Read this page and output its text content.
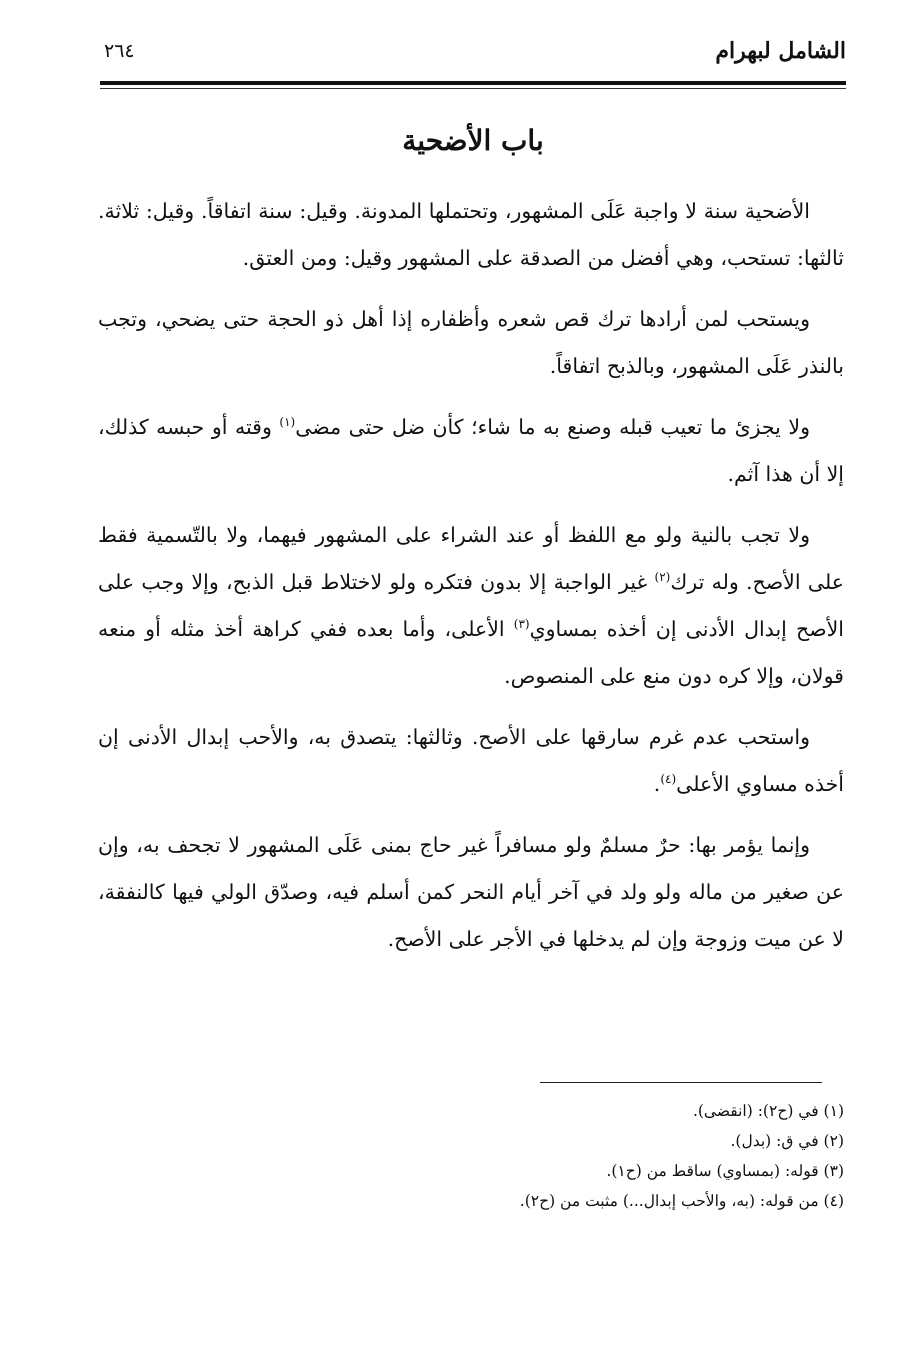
الشامل لبهرام
٢٦٤
باب الأضحية

الأضحية سنة لا واجبة عَلَى المشهور، وتحتملها المدونة. وقيل: سنة اتفاقاً. وقيل: ثلاثة. ثالثها: تستحب، وهي أفضل من الصدقة على المشهور وقيل: ومن العتق.

ويستحب لمن أرادها ترك قص شعره وأظفاره إذا أهل ذو الحجة حتى يضحي، وتجب بالنذر عَلَى المشهور، وبالذبح اتفاقاً.

ولا يجزئ ما تعيب قبله وصنع به ما شاء؛ كأن ضل حتى مضى$^{(١)}$ وقته أو حبسه كذلك، إلا أن هذا آثم.

ولا تجب بالنية ولو مع اللفظ أو عند الشراء على المشهور فيهما، ولا بالتّسمية فقط على الأصح. وله ترك$^{(٢)}$ غير الواجبة إلا بدون فتكره ولو لاختلاط قبل الذبح، وإلا وجب على الأصح إبدال الأدنى إن أخذه بمساوي$^{(٣)}$ الأعلى، وأما بعده ففي كراهة أخذ مثله أو منعه قولان، وإلا كره دون منع على المنصوص.

واستحب عدم غرم سارقها على الأصح. وثالثها: يتصدق به، والأحب إبدال الأدنى إن أخذه مساوي الأعلى$^{(٤)}$.

وإنما يؤمر بها: حرٌ مسلمٌ ولو مسافراً غير حاج بمنى عَلَى المشهور لا تجحف به، وإن عن صغير من ماله ولو ولد في آخر أيام النحر كمن أسلم فيه، وصدّق الولي فيها كالنفقة، لا عن ميت وزوجة وإن لم يدخلها في الأجر على الأصح.

(١) في (ح٢): (انقضى).

(٢) في ق: (بدل).

(٣) قوله: (بمساوي) ساقط من (ح١).

(٤) من قوله: (به، والأحب إبدال...) مثبت من (ح٢).
